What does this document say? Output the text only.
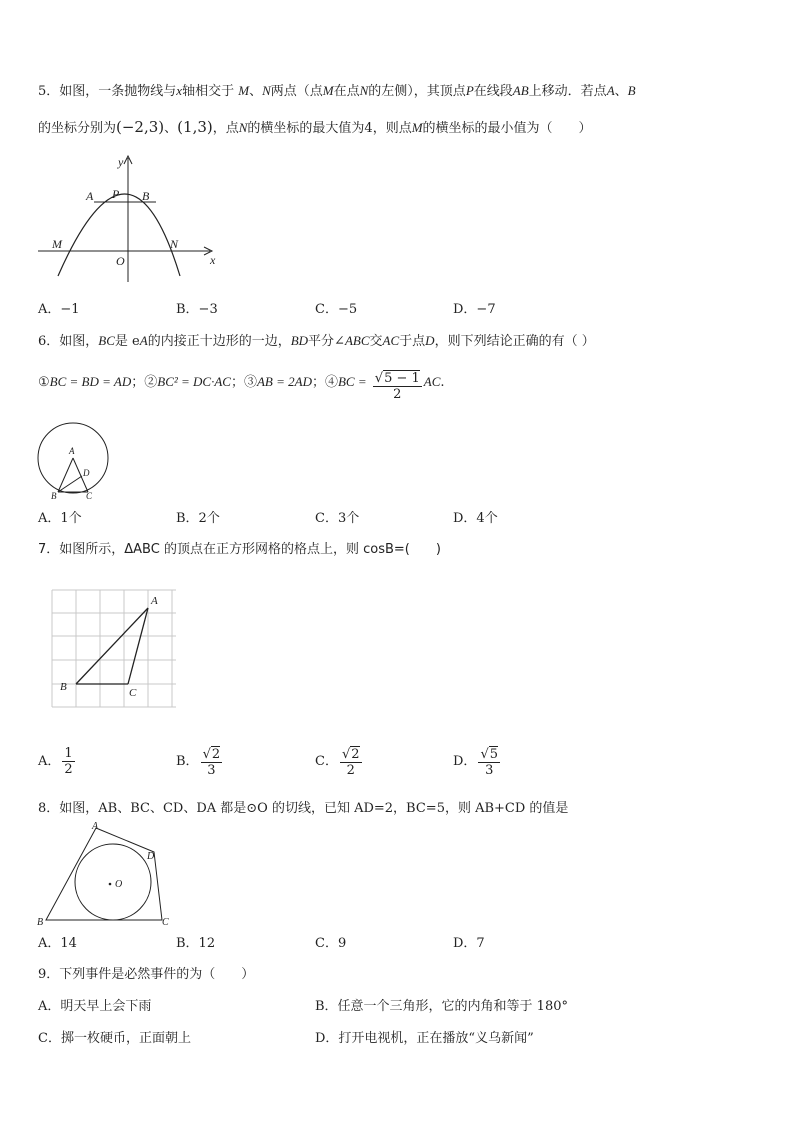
5．如图，一条抛物线与x轴相交于 M、N两点（点M在点N的左侧），其顶点P在线段AB上移动．若点A、B
的坐标分别为(−2,3)、(1,3)，点N的横坐标的最大值为4，则点M的横坐标的最小值为（　　）
y
x
A P B
M	N
O
A．−1	B．−3	C．−5	D．−7
6．如图，BC是 eA的内接正十边形的一边，BD平分∠ABC交AC于点D，则下列结论正确的有（ ）
①BC = BD = AD；②BC² = DC·AC；③AB = 2AD；④BC = $\frac{√5 - 1}{2}$ AC.
A
D
B	C
A．1个	B．2个	C．3个	D．4个
7．如图所示，ΔABC 的顶点在正方形网格的格点上，则 cosB=(　　)
A
B	C
A． $\frac{1}{2}$	B． $\frac{√2}{3}$	C． $\frac{√2}{2}$	D． $\frac{√5}{3}$
8．如图，AB、BC、CD、DA 都是⊙O 的切线，已知 AD=2，BC=5，则 AB+CD 的值是
A
D
O
B	C
A．14	B．12	C．9	D．7
9．下列事件是必然事件的为（　　）
A．明天早上会下雨	B．任意一个三角形，它的内角和等于 180°
C．掷一枚硬币，正面朝上	D．打开电视机，正在播放“义乌新闻”
